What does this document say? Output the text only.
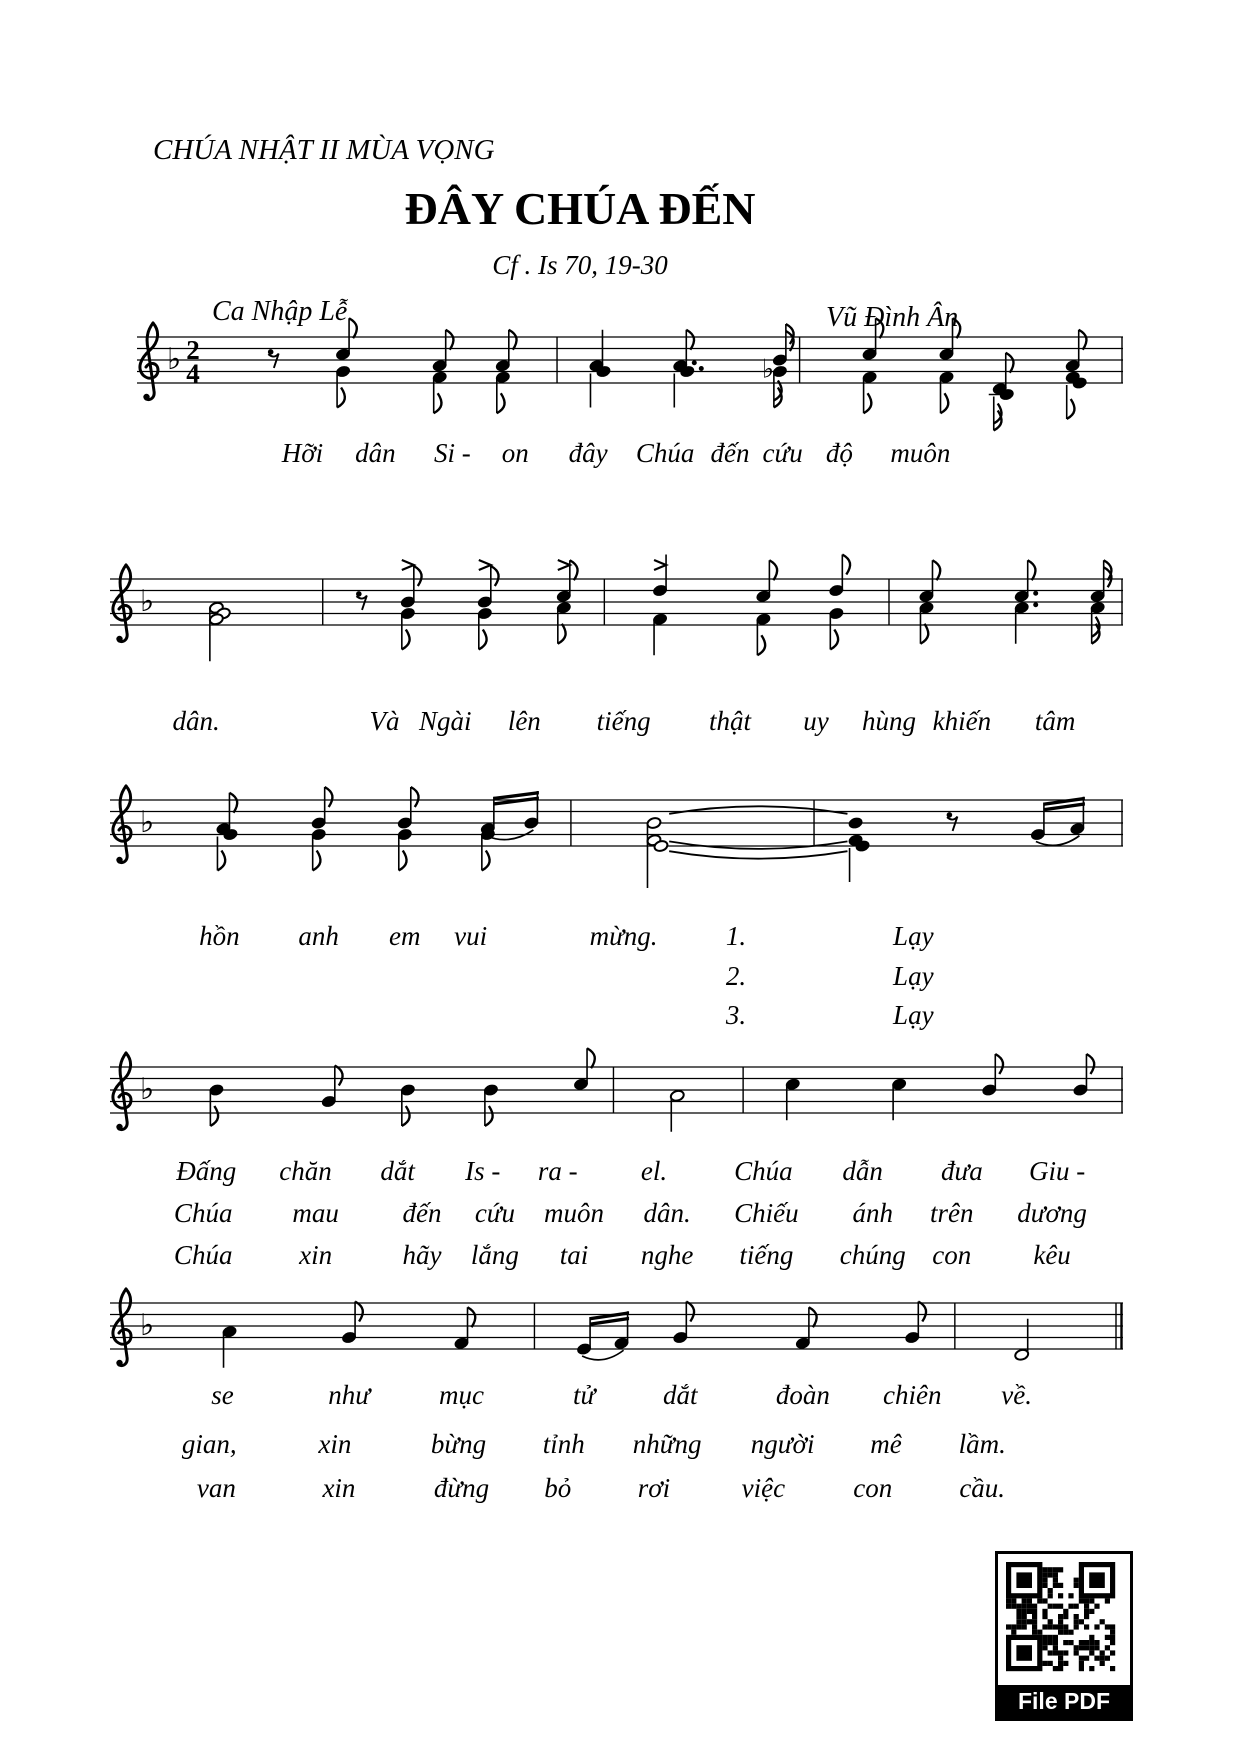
CHÚA NHẬT II MÙA VỌNG
ĐÂY CHÚA ĐẾN
Cf . Is 70, 19-30
Ca Nhập Lễ	Vũ Đình Ân
♭ 2
4	♭
♭
♭
♭
♭
Hỡi dân Si - on đây Chúa đến cứu độ muôn
dân.	Và Ngài lên tiếng thật uy hùng khiến tâm
hồn anh em vui	mừng.	1.	Lạy
2.	Lạy
3.	Lạy
Đấng chăn dắt Is - ra - el. Chúa dẫn đưa Giu -
Chúa mau đến cứu muôn dân. Chiếu ánh trên dương
Chúa xin	hãy lắng tai nghe tiếng chúng con kêu
se	như	mục	tử	dắt	đoàn chiên về.
gian,	xin	bừng tỉnh những người mê lầm.
van	xin	đừng bỏ rơi	việc	con cầu.
File PDF
